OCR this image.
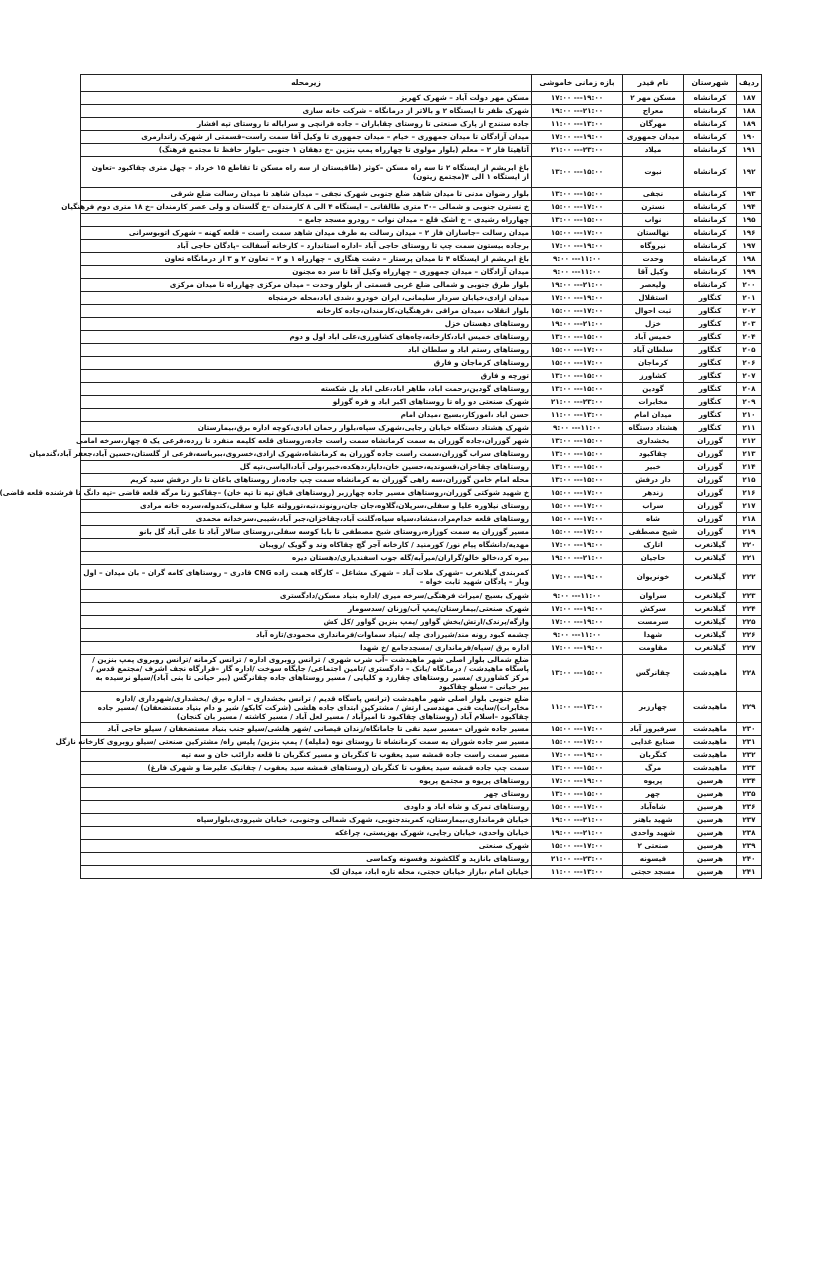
ردیف	شهرستان	نام فیدر	بازه زمانی خاموشی	زیرمحله
۱۸۷	کرمانشاه	مسکن مهر ۲	۱۹:۰۰--- ۱۷:۰۰	مسکن مهر دولت آباد – شهرک کهریز
۱۸۸	کرمانشاه	معراج	۲۱:۰۰--- ۱۹:۰۰	شهرک ظفر تا ایستگاه ۲ و بالاتر از درمانگاه – شرکت خانه سازی
۱۸۹	کرمانشاه	مهرگان	۱۳:۰۰--- ۱۱:۰۰	جاده سنندج از پارک صنعتی تا روستای چقاباران – جاده فرانچی و سراباله تا روستای تپه افشار
۱۹۰	کرمانشاه	میدان جمهوری	۱۹:۰۰--- ۱۷:۰۰	میدان آزادگان تا میدان جمهوری – خیام – میدان جمهوری تا وکیل آقا سمت راست–قسمتی از شهرک زاندارمری
۱۹۱	کرمانشاه	میلاد	۲۳:۰۰--- ۲۱:۰۰	آتاهیتا فاز ۲ – معلم (بلوار مولوی تا چهارراه پمپ بنزین –خ دهقان ۱ جنوبی –بلوار حافظ تا مجتمع فرهنگ)
۱۹۲	کرمانشاه	نبوت	۱۵:۰۰--- ۱۳:۰۰	باغ ابریشم از ایستگاه ۲ تا سه راه مسکن –کوثر (طاقبستان از سه راه مسکن تا تقاطع ۱۵ خرداد – چهل متری چقاکبود –تعاون از ایستگاه ۱ الی ۴(مجتمع زیتون)
۱۹۳	کرمانشاه	نجفی	۱۵:۰۰--- ۱۳:۰۰	بلوار رضوان مدنی تا میدان شاهد ضلع جنوبی شهرک نجفی – میدان شاهد تا میدان رسالت ضلع شرقی
۱۹۴	کرمانشاه	نسترن	۱۷:۰۰--- ۱۵:۰۰	خ نسترن جنوبی و شمالی –۳۰ متری طالقانی – ایستگاه ۴ الی ۸ کارمندان –خ گلستان و ولی عصر کارمندان –خ ۱۸ متری دوم فرهنگیان
۱۹۵	کرمانشاه	نواب	۱۵:۰۰--- ۱۳:۰۰	چهارراه رشیدی – خ اشک قلع – میدان نواب – رودرو مسجد جامع –
۱۹۶	کرمانشاه	نهالستان	۱۷:۰۰--- ۱۵:۰۰	میدان رسالت –جاسازان فاز ۲ – میدان رسالت به طرف میدان شاهد سمت راست – قلعه کهنه – شهرک اتوبوسرانی
۱۹۷	کرمانشاه	نیروگاه	۱۹:۰۰--- ۱۷:۰۰	برجاده بیستون سمت چپ تا روستای حاجی آباد –اداره استاندارد – کارخانه آسفالت –پادگان حاجی آباد
۱۹۸	کرمانشاه	وحدت	۱۱:۰۰--- ۹:۰۰	باغ ابریشم از ایستگاه ۴ تا میدان پرستار – دشت هنگاری – چهارراه ۱ و ۲ – تعاون ۲ و ۳ از درمانگاه تعاون
۱۹۹	کرمانشاه	وکیل آقا	۱۱:۰۰--- ۹:۰۰	میدان آزادگان – میدان جمهوری – چهارراه وکیل آقا تا سر ده مجنون
۲۰۰	کرمانشاه	ولیعصر	۲۱:۰۰--- ۱۹:۰۰	بلوار طرق جنوبی و شمالی ضلع غربی قسمتی از بلوار وحدت – میدان مرکزی چهارراه تا میدان مرکزی
۲۰۱	کنگاور	استقلال	۱۹:۰۰--- ۱۷:۰۰	میدان ازادی،خیابان سردار سلیمانی، ایران خودرو ،شدی اباد،محله خرمنجاه
۲۰۲	کنگاور	ثبت احوال	۱۷:۰۰--- ۱۵:۰۰	بلوار انقلاب ،میدان مراقی ،فرهنگیان،کارمندان،جاده کارخانه
۲۰۳	کنگاور	خزل	۲۱:۰۰--- ۱۹:۰۰	روستاهای دهستان خزل
۲۰۴	کنگاور	خمیس آباد	۱۵:۰۰--- ۱۳:۰۰	روستاهای خمیس اباد،کارخانه،چاه‌های کشاورزی،علی اباد اول و دوم
۲۰۵	کنگاور	سلطان آباد	۱۷:۰۰--- ۱۵:۰۰	روستاهای رستم اباد و سلطان اباد
۲۰۶	کنگاور	کرماجان	۱۷:۰۰--- ۱۵:۰۰	روستاهای کرماجان و فارق
۲۰۷	کنگاور	کشاورز	۱۵:۰۰--- ۱۳:۰۰	تورچه و فارق
۲۰۸	کنگاور	گودین	۱۵:۰۰--- ۱۳:۰۰	روستاهای گودین،رحمت اباد، طاهر اباد،علی اباد پل شکسته
۲۰۹	کنگاور	مخابرات	۲۳:۰۰--- ۲۱:۰۰	شهرک صنعتی دو راه تا روستاهای اکبر اباد و قره گوزلو
۲۱۰	کنگاور	میدان امام	۱۳:۰۰--- ۱۱:۰۰	حسن اباد ،اموزکار،بسیج ،میدان امام
۲۱۱	کنگاور	هشتاد دستگاه	۱۱:۰۰--- ۹:۰۰	شهرک هشتاد دستگاه خیابان رجایی،شهرک سپاه،بلوار رحمان ابادی،کوچه اداره برق،بیمارستان
۲۱۲	گوزران	بخشداری	۱۵:۰۰--- ۱۳:۰۰	شهر گوزران،جاده گوزران به سمت کرمانشاه سمت راست جاده،روستای قلعه کلیمه منفرد تا زرده،فرعی یک ۵ چهار،سرخه امامی
۲۱۳	گوزران	چقاکبود	۱۵:۰۰--- ۱۳:۰۰	روستاهای سراب گوزران،سمت راست جاده گوزران به کرمانشاه،شهرک ازادی،خسروی،ببرباسه،فرعی از گلستان،حسین آباد،جعفر آباد،گندمیان
۲۱۴	گوزران	خبیر	۱۵:۰۰--- ۱۳:۰۰	روستاهای چقاخزان،قسوندیه،حسین خان،دایار،دهکده،خبیر،ولی آباد،الیاسی،تپه گل
۲۱۵	گوزران	دار درفش	۱۵:۰۰--- ۱۳:۰۰	محله امام خامن گوزران،سه راهی گوزران به کرمانشاه سمت چپ جاده،از روستاهای باغان تا دار درفش سید کریم
۲۱۶	گوزران	زندهر	۱۷:۰۰--- ۱۵:۰۰	خ شهید شوکتی گوزران،روستاهای مسیر جاده چهارزبر (روستاهای قباق تپه تا تپه خان) –چقاکبو زنا مرگه قلعه قاضی –تپه دانگ تا فرشنده قلعه قاضی)
۲۱۷	گوزران	سراب	۱۷:۰۰--- ۱۵:۰۰	روستای نیلاوره علیا و سفلی،سرپلان،گلاوه،جان جان،رونوند،تبه،تورولته علیا و سفلی،کندوله،سرده خانه مرادی
۲۱۸	گوزران	شاه	۱۷:۰۰--- ۱۵:۰۰	روستاهای قلعه خدام‌مراد،منشاد،سیاه سیاه،گلنت آباد،چقاخزان،جبر آباد،شیبی،سرخدانه محمدی
۲۱۹	گوزران	شیخ مصطفی	۱۷:۰۰--- ۱۵:۰۰	مسیر گوزران به سمت کوزاره،روستای شیخ مصطفی تا بابا کوسه سفلی،روستای سالار آباد تا علی آباد گل بانو
۲۲۰	گیلانغرب	اتارک	۱۹:۰۰--- ۱۷:۰۰	مهدیه/دانشگاه پیام نور/ کورمنید / کارخانه آجر گچ چقاکاه وند و گویک /رویبان
۲۲۱	گیلانغرب	حاجیان	۲۱:۰۰--- ۱۹:۰۰	بیره کرد،خالو خالو/گراران/میرآبه/گله جوب اسفندیاری/دهستان دیره
۲۲۲	گیلانغرب	خونریوان	۱۹:۰۰--- ۱۷:۰۰	کمربندی گیلانغرب –شهرک ملات آباد – شهرک مشاغل – کارگاه همت زاده CNG قادری – روستاهای کامه گران – بان میدان – اول ویار – پادگان شهید ثابت خواه –
۲۲۳	گیلانغرب	سراوان	۱۱:۰۰--- ۹:۰۰	شهرک بسیج /میراث فرهنگی/سرخه میری /اداره بنیاد مسکن/دادگستری
۲۲۴	گیلانغرب	سرکش	۱۹:۰۰--- ۱۷:۰۰	شهرک صنعتی/بیمارستان/پمپ آب/وزنان /سدسومار
۲۲۵	گیلانغرب	سرمست	۱۹:۰۰--- ۱۷:۰۰	وارگه/پرندک/ارتش/بخش گواور /پمپ بنزین گواور /کل کش
۲۲۶	گیلانغرب	شهدا	۱۱:۰۰--- ۹:۰۰	چشمه کبود رونه مند/شیرزادی چله /بنیاد سماوات/فرمانداری محمودی/تازه آباد
۲۲۷	گیلانغرب	مقاومت	۱۹:۰۰--- ۱۷:۰۰	اداره برق /سپاه/فرمانداری /مسجدجامع /خ شهدا
۲۲۸	ماهیدشت	چقانرگس	۱۵:۰۰--- ۱۳:۰۰	ضلع شمالی بلوار اصلی شهر ماهیدشت –آب شرب شهری / ترانس روبروی اداره / ترانس کرمانه /ترانس روبروی پمپ بنزین /پاسگاه ماهیدشت / درمانگاه /بانک – دادگستری /تامین اجتماعی/ جایگاه سوخت /اداره گاز –قرارگاه نجف اشرف /مجتمع قدس /مرکز کشاورزی /مسیر روستاهای چقارزد و کلیایی / مسیر روستاهای جاده چقانرگس (بیر حیانی تا بنی آباد)/سیلو نرسیده به بیر حیانی – سیلو چقاکبود
۲۲۹	ماهیدشت	چهارزبر	۱۳:۰۰--- ۱۱:۰۰	ضلع جنوبی بلوار اصلی شهر ماهیدشت (ترانس پاسگاه قدیم / ترانس بخشداری – اداره برق /بخشداری/شهرداری /اداره مخابرات)/سایت فنی مهندسی ارتش / مشترکین ابتدای جاده هلشی (شرکت کابکو/ شیر و دام بنیاد مستضعفان) /مسیر جاده چقاکبود –اسلام آباد (روستاهای چقاکبود تا امیرآباد / مسیر لعل آباد / مسیر کاشته / مسیر بان کنجان)
۲۳۰	ماهیدشت	سرفیروز آباد	۱۷:۰۰--- ۱۵:۰۰	مسیر جاده شوران –مسیر سید نقی تا جاماتگاه/زندان قیصانی /شهر هلشی/سیلو جنب بنیاد مستضعفان / سیلو حاجی آباد
۲۳۱	ماهیدشت	صنایع غذایی	۱۷:۰۰--- ۱۵:۰۰	مسیر سر جاده شوران به سمت کرمانشاه تا روستای نوه (ملیله) / پمپ بنزین/ پلیس راه/ مشترکین صنعتی /سیلو روبروی کارخانه نازگل
۲۳۲	ماهیدشت	کنگربان	۱۹:۰۰--- ۱۷:۰۰	مسیر سمت راست جاده قمشه سید یعقوب تا کنگربان و مسیر کنگربان تا قلعه دارائب خان و سه تپه
۲۳۳	ماهیدشت	مرگ	۱۵:۰۰--- ۱۳:۰۰	سمت چپ جاده قمشه سید یعقوب تا کنگربان (روستاهای قمشه سید یعقوب / چقانیک علیرضا و شهرک فارغ)
۲۳۴	هرسین	پریوه	۱۹:۰۰--- ۱۷:۰۰	روستاهای پریوه و مجتمع پریوه
۲۳۵	هرسین	چهر	۱۵:۰۰--- ۱۳:۰۰	روستای چهر
۲۳۶	هرسین	شاه‌آباد	۱۷:۰۰--- ۱۵:۰۰	روستاهای تمرک و شاه اباد و داودی
۲۳۷	هرسین	شهید باهنر	۲۱:۰۰--- ۱۹:۰۰	خیابان فرمانداری،بیمارستان، کمربندجنوبی، شهرک شمالی وجنوبی، خیابان شیرودی،بلوارسپاه
۲۳۸	هرسین	شهید واحدی	۲۱:۰۰--- ۱۹:۰۰	خیابان واحدی، خیابان رجایی، شهرک بهزیستی، چراغکه
۲۳۹	هرسین	صنعتی ۲	۱۷:۰۰--- ۱۵:۰۰	شهرک صنعتی
۲۴۰	هرسین	فیسونه	۲۳:۰۰--- ۲۱:۰۰	روستاهای بانازید و گلکشوند وفسونه وکماسی
۲۴۱	هرسین	مسجد حجتی	۱۳:۰۰--- ۱۱:۰۰	خیابان امام ،بازار خیابان حجتی، محله تازه اباد، میدان لک
